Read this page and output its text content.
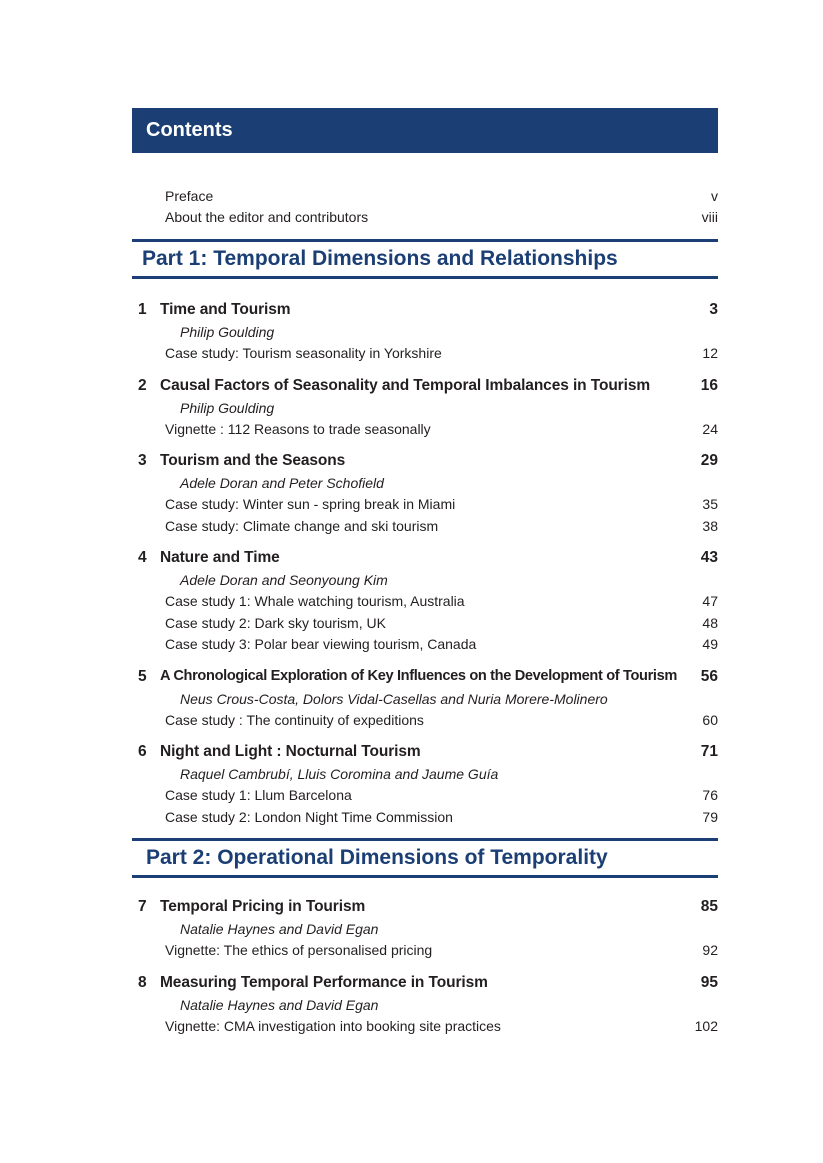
Contents
Preface	v
About the editor and contributors	viii
Part 1: Temporal Dimensions and Relationships
1 Time and Tourism	3
Philip Goulding
Case study: Tourism seasonality in Yorkshire	12
2 Causal Factors of Seasonality and Temporal Imbalances in Tourism	16
Philip Goulding
Vignette : 112 Reasons to trade seasonally	24
3 Tourism and the Seasons	29
Adele Doran and Peter Schofield
Case study: Winter sun - spring break in Miami	35
Case study: Climate change and ski tourism	38
4 Nature and Time	43
Adele Doran and Seonyoung Kim
Case study 1: Whale watching tourism, Australia	47
Case study 2: Dark sky tourism, UK	48
Case study 3: Polar bear viewing tourism, Canada	49
5 A Chronological Exploration of Key Influences on the Development of Tourism 56
Neus Crous-Costa, Dolors Vidal-Casellas and Nuria Morere-Molinero
Case study : The continuity of expeditions	60
6 Night and Light : Nocturnal Tourism	71
Raquel Cambrubí, Lluis Coromina and Jaume Guía
Case study 1: Llum Barcelona	76
Case study 2: London Night Time Commission	79
Part 2: Operational Dimensions of Temporality
7 Temporal Pricing in Tourism	85
Natalie Haynes and David Egan
Vignette: The ethics of personalised pricing	92
8 Measuring Temporal Performance in Tourism	95
Natalie Haynes and David Egan
Vignette: CMA investigation into booking site practices	102
